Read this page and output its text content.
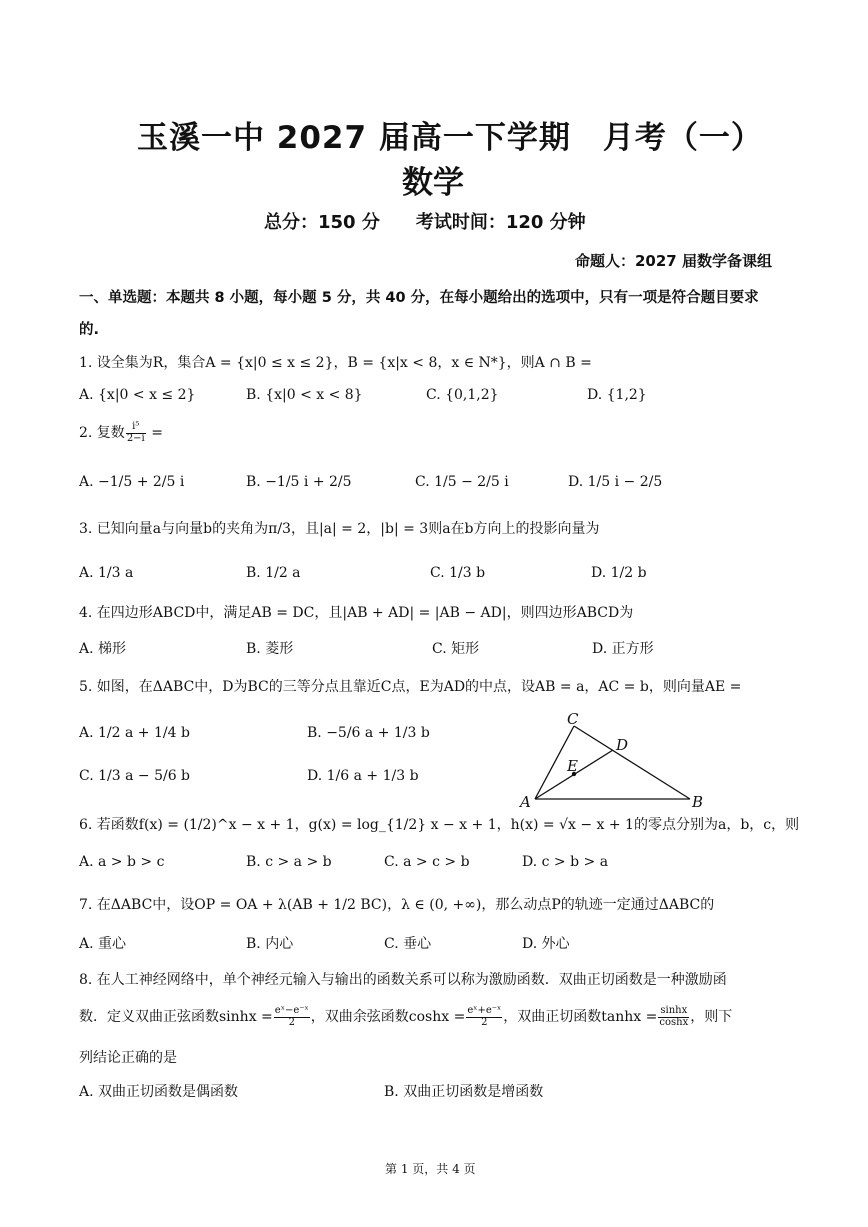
玉溪一中 2027 届高一下学期　月考（一）
数学
总分：150 分　　考试时间：120 分钟
命题人：2027 届数学备课组
一、单选题：本题共 8 小题，每小题 5 分，共 40 分，在每小题给出的选项中，只有一项是符合题目要求
的.
1. 设全集为R，集合A = {x|0 ≤ x ≤ 2}，B = {x|x < 8，x ∈ N*}，则A ∩ B =
A. {x|0 < x ≤ 2}	B. {x|0 < x < 8}	C. {0,1,2}	D. {1,2}
2. 复数 $\frac{\text{i⁵}}{2-i}$ =
A. −1/5 + 2/5 i	B. −1/5 i + 2/5	C. 1/5 − 2/5 i	D. 1/5 i − 2/5
3. 已知向量a与向量b的夹角为π/3，且|a| = 2，|b| = 3则a在b方向上的投影向量为
A. 1/3 a	B. 1/2 a	C. 1/3 b	D. 1/2 b
4. 在四边形ABCD中，满足AB = DC，且|AB + AD| = |AB − AD|，则四边形ABCD为
A. 梯形	B. 菱形	C. 矩形	D. 正方形
5. 如图，在ΔABC中，D为BC的三等分点且靠近C点，E为AD的中点，设AB = a，AC = b，则向量AE =
A. 1/2 a + 1/4 b	B. −5/6 a + 1/3 b
C. 1/3 a − 5/6 b	D. 1/6 a + 1/3 b
C
D
E
A	B
6. 若函数f(x) = (1/2)^x − x + 1，g(x) = log_{1/2} x − x + 1，h(x) = √x − x + 1的零点分别为a，b，c，则
A. a > b > c	B. c > a > b	C. a > c > b	D. c > b > a
7. 在ΔABC中，设OP = OA + λ(AB + 1/2 BC)，λ ∈ (0, +∞)，那么动点P的轨迹一定通过ΔABC的
A. 重心	B. 内心	C. 垂心	D. 外心
8. 在人工神经网络中，单个神经元输入与输出的函数关系可以称为激励函数．双曲正切函数是一种激励函
数．定义双曲正弦函数$\sinh x = \frac{\text{eˣ−e⁻ˣ}}{2}$ ，双曲余弦函数$\cosh x = \frac{\text{eˣ+e⁻ˣ}}{2}$ ，双曲正切函数$\tanh x = \frac{\sinh x}{\cosh x}$ ，则下
列结论正确的是
A. 双曲正切函数是偶函数	B. 双曲正切函数是增函数
第 1 页，共 4 页
